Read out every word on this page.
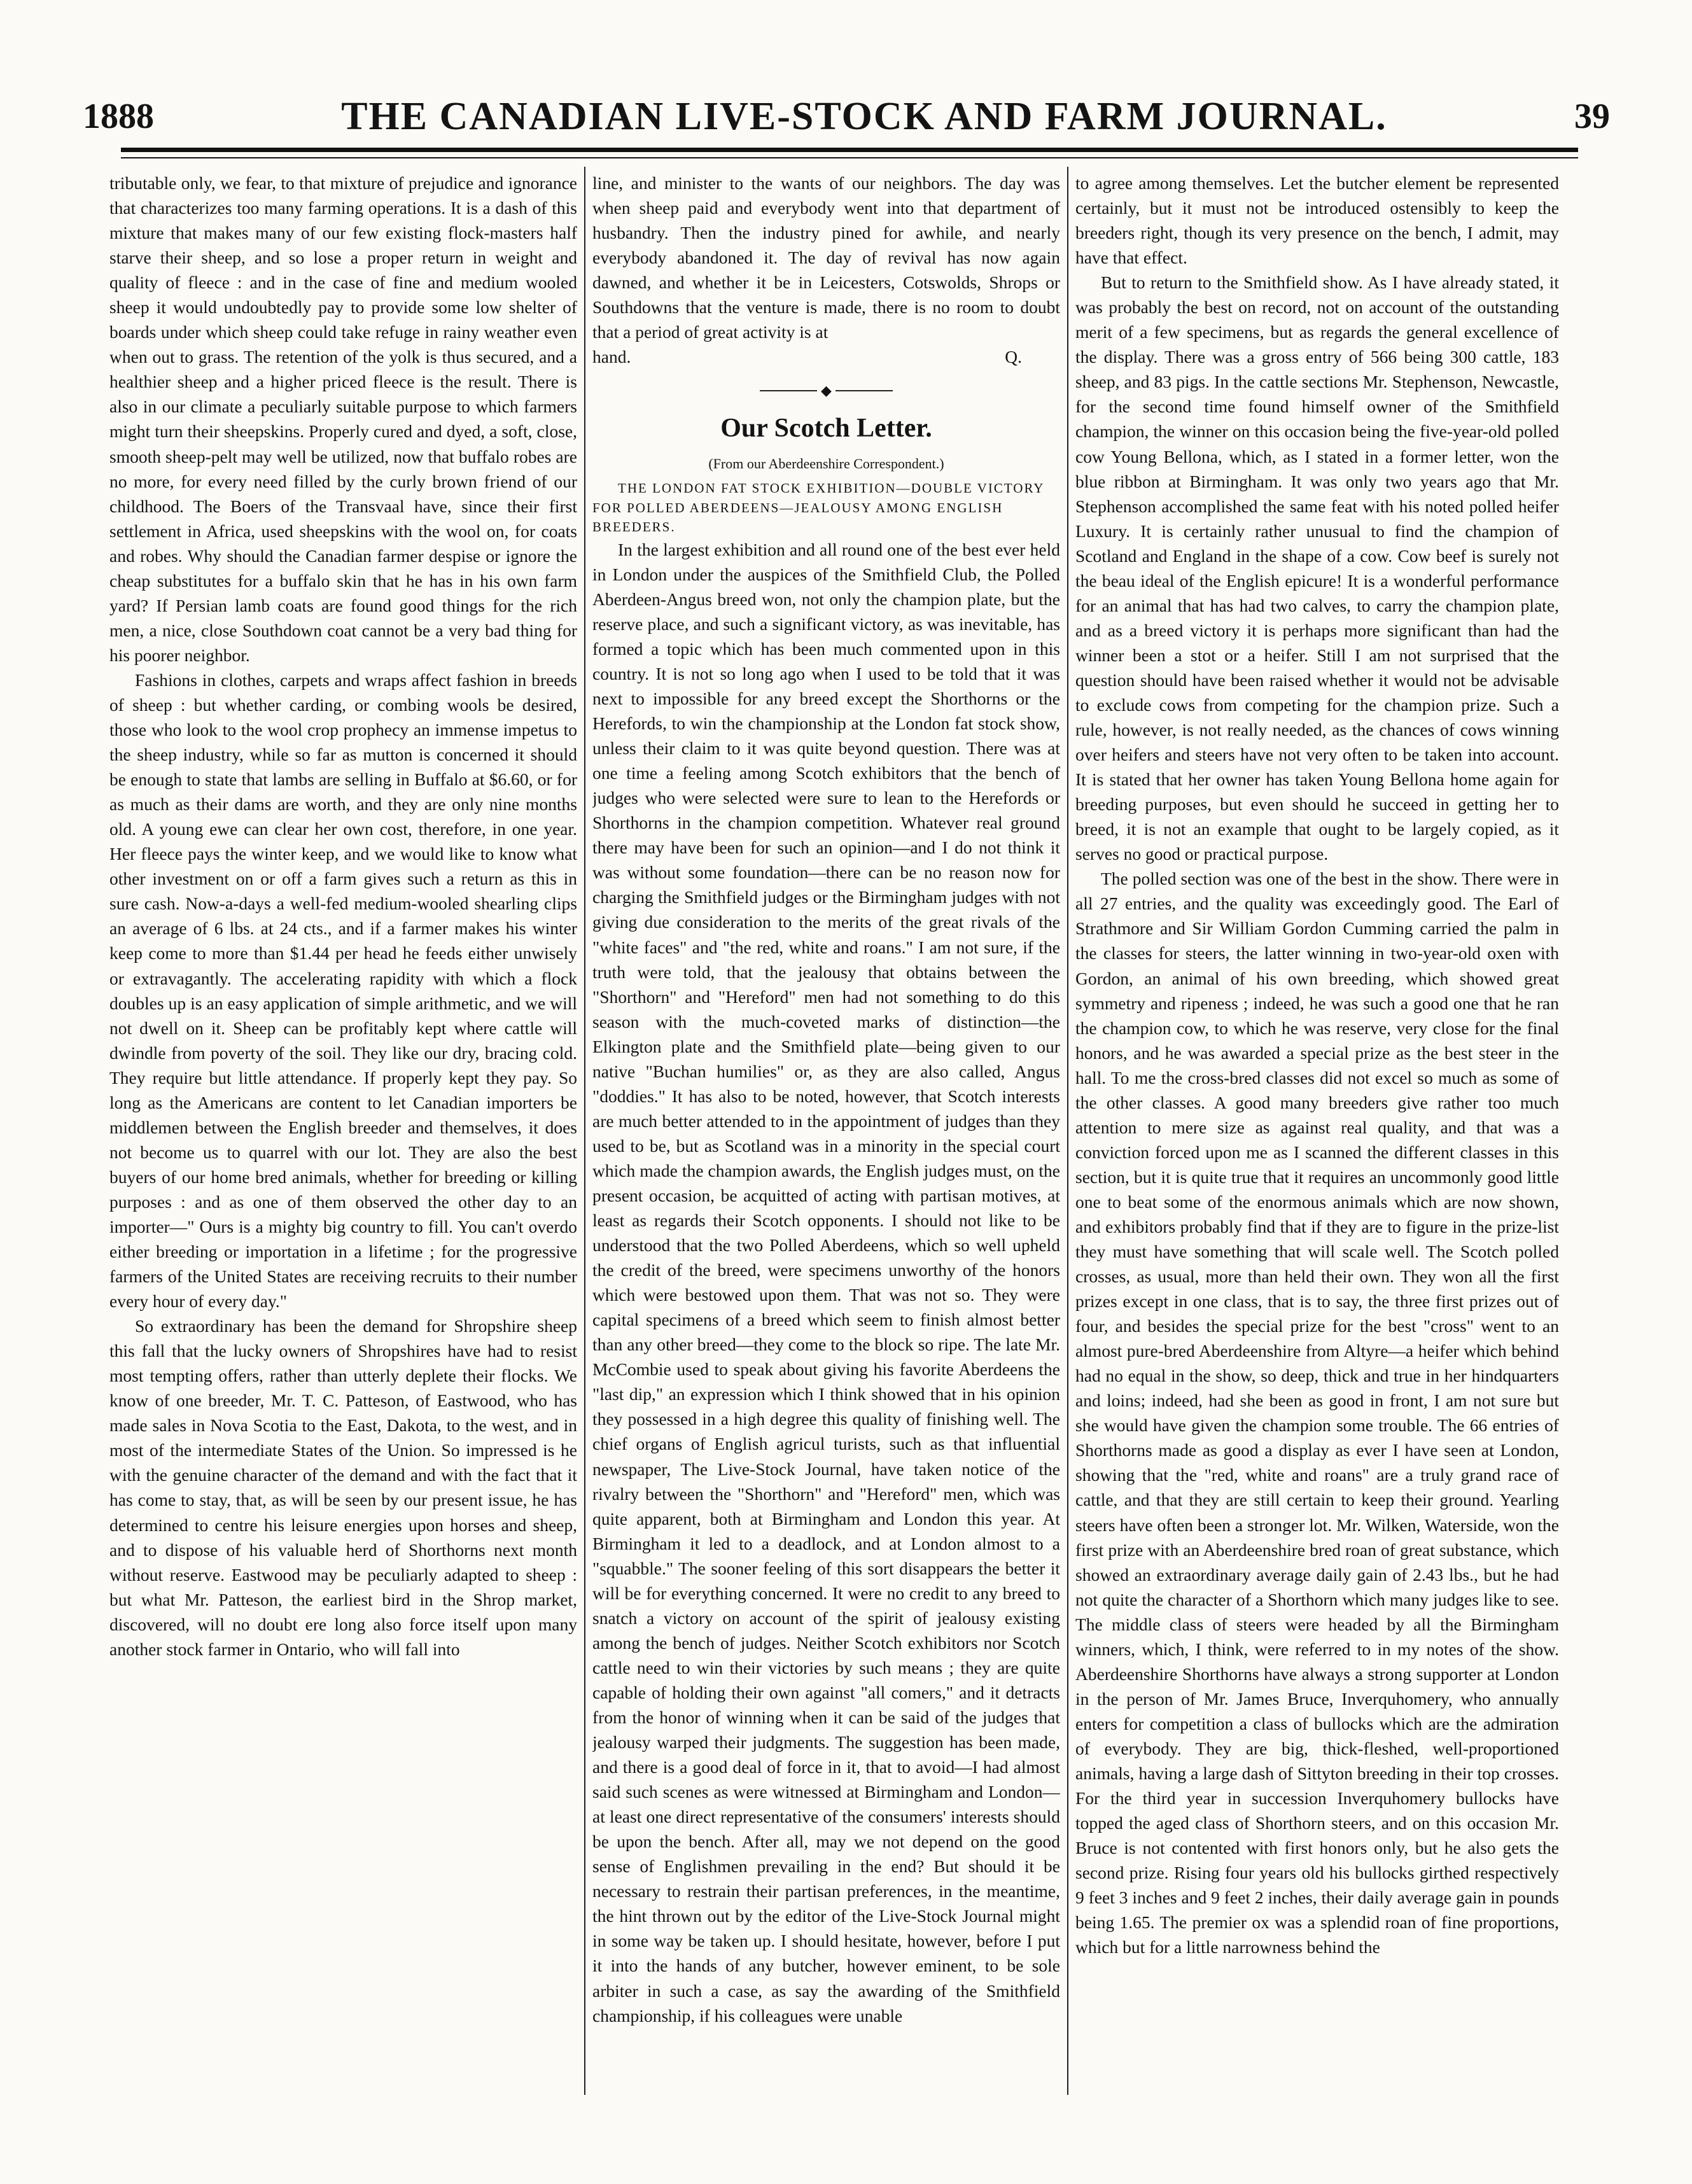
1888	THE CANADIAN LIVE-STOCK AND FARM JOURNAL.	39

tributable only, we fear, to that mixture of prejudice and ignorance that characterizes too many farming operations. It is a dash of this mixture that makes many of our few existing flock-masters half starve their sheep, and so lose a proper return in weight and quality of fleece : and in the case of fine and medium wooled sheep it would undoubtedly pay to provide some low shelter of boards under which sheep could take refuge in rainy weather even when out to grass. The retention of the yolk is thus secured, and a healthier sheep and a higher priced fleece is the result. There is also in our climate a peculiarly suitable purpose to which farmers might turn their sheepskins. Properly cured and dyed, a soft, close, smooth sheep-pelt may well be utilized, now that buffalo robes are no more, for every need filled by the curly brown friend of our childhood. The Boers of the Transvaal have, since their first settlement in Africa, used sheepskins with the wool on, for coats and robes. Why should the Canadian farmer despise or ignore the cheap substitutes for a buffalo skin that he has in his own farm yard? If Persian lamb coats are found good things for the rich men, a nice, close Southdown coat cannot be a very bad thing for his poorer neighbor.

Fashions in clothes, carpets and wraps affect fashion in breeds of sheep : but whether carding, or combing wools be desired, those who look to the wool crop prophecy an immense impetus to the sheep industry, while so far as mutton is concerned it should be enough to state that lambs are selling in Buffalo at $6.60, or for as much as their dams are worth, and they are only nine months old. A young ewe can clear her own cost, therefore, in one year. Her fleece pays the winter keep, and we would like to know what other investment on or off a farm gives such a return as this in sure cash. Now-a-days a well-fed medium-wooled shearling clips an average of 6 lbs. at 24 cts., and if a farmer makes his winter keep come to more than $1.44 per head he feeds either unwisely or extravagantly. The accelerating rapidity with which a flock doubles up is an easy application of simple arithmetic, and we will not dwell on it. Sheep can be profitably kept where cattle will dwindle from poverty of the soil. They like our dry, bracing cold. They require but little attendance. If properly kept they pay. So long as the Americans are content to let Canadian importers be middlemen between the English breeder and themselves, it does not become us to quarrel with our lot. They are also the best buyers of our home bred animals, whether for breeding or killing purposes : and as one of them observed the other day to an importer—" Ours is a mighty big country to fill. You can't overdo either breeding or importation in a lifetime ; for the progressive farmers of the United States are receiving recruits to their number every hour of every day."

So extraordinary has been the demand for Shropshire sheep this fall that the lucky owners of Shropshires have had to resist most tempting offers, rather than utterly deplete their flocks. We know of one breeder, Mr. T. C. Patteson, of Eastwood, who has made sales in Nova Scotia to the East, Dakota, to the west, and in most of the intermediate States of the Union. So impressed is he with the genuine character of the demand and with the fact that it has come to stay, that, as will be seen by our present issue, he has determined to centre his leisure energies upon horses and sheep, and to dispose of his valuable herd of Shorthorns next month without reserve. Eastwood may be peculiarly adapted to sheep : but what Mr. Patteson, the earliest bird in the Shrop market, discovered, will no doubt ere long also force itself upon many another stock farmer in Ontario, who will fall into

line, and minister to the wants of our neighbors. The day was when sheep paid and everybody went into that department of husbandry. Then the industry pined for awhile, and nearly everybody abandoned it. The day of revival has now again dawned, and whether it be in Leicesters, Cotswolds, Shrops or Southdowns that the venture is made, there is no room to doubt that a period of great activity is at

hand.	Q.
◆
Our Scotch Letter.
(From our Aberdeenshire Correspondent.)

THE LONDON FAT STOCK EXHIBITION—DOUBLE VICTORY FOR POLLED ABERDEENS—JEALOUSY AMONG ENGLISH BREEDERS.

In the largest exhibition and all round one of the best ever held in London under the auspices of the Smithfield Club, the Polled Aberdeen-Angus breed won, not only the champion plate, but the reserve place, and such a significant victory, as was inevitable, has formed a topic which has been much commented upon in this country. It is not so long ago when I used to be told that it was next to impossible for any breed except the Shorthorns or the Herefords, to win the championship at the London fat stock show, unless their claim to it was quite beyond question. There was at one time a feeling among Scotch exhibitors that the bench of judges who were selected were sure to lean to the Herefords or Shorthorns in the champion competition. Whatever real ground there may have been for such an opinion—and I do not think it was without some foundation—there can be no reason now for charging the Smithfield judges or the Birmingham judges with not giving due consideration to the merits of the great rivals of the "white faces" and "the red, white and roans." I am not sure, if the truth were told, that the jealousy that obtains between the "Shorthorn" and "Hereford" men had not something to do this season with the much-coveted marks of distinction—the Elkington plate and the Smithfield plate—being given to our native "Buchan humilies" or, as they are also called, Angus "doddies." It has also to be noted, however, that Scotch interests are much better attended to in the appointment of judges than they used to be, but as Scotland was in a minority in the special court which made the champion awards, the English judges must, on the present occasion, be acquitted of acting with partisan motives, at least as regards their Scotch opponents. I should not like to be understood that the two Polled Aberdeens, which so well upheld the credit of the breed, were specimens unworthy of the honors which were bestowed upon them. That was not so. They were capital specimens of a breed which seem to finish almost better than any other breed—they come to the block so ripe. The late Mr. McCombie used to speak about giving his favorite Aberdeens the "last dip," an expression which I think showed that in his opinion they possessed in a high degree this quality of finishing well. The chief organs of English agricul turists, such as that influential newspaper, The Live-Stock Journal, have taken notice of the rivalry between the "Shorthorn" and "Hereford" men, which was quite apparent, both at Birmingham and London this year. At Birmingham it led to a deadlock, and at London almost to a "squabble." The sooner feeling of this sort disappears the better it will be for everything concerned. It were no credit to any breed to snatch a victory on account of the spirit of jealousy existing among the bench of judges. Neither Scotch exhibitors nor Scotch cattle need to win their victories by such means ; they are quite capable of holding their own against "all comers," and it detracts from the honor of winning when it can be said of the judges that jealousy warped their judgments. The suggestion has been made, and there is a good deal of force in it, that to avoid—I had almost said such scenes as were witnessed at Birmingham and London—at least one direct representative of the consumers' interests should be upon the bench. After all, may we not depend on the good sense of Englishmen prevailing in the end? But should it be necessary to restrain their partisan preferences, in the meantime, the hint thrown out by the editor of the Live-Stock Journal might in some way be taken up. I should hesitate, however, before I put it into the hands of any butcher, however eminent, to be sole arbiter in such a case, as say the awarding of the Smithfield championship, if his colleagues were unable

to agree among themselves. Let the butcher element be represented certainly, but it must not be introduced ostensibly to keep the breeders right, though its very presence on the bench, I admit, may have that effect.

But to return to the Smithfield show. As I have already stated, it was probably the best on record, not on account of the outstanding merit of a few specimens, but as regards the general excellence of the display. There was a gross entry of 566 being 300 cattle, 183 sheep, and 83 pigs. In the cattle sections Mr. Stephenson, Newcastle, for the second time found himself owner of the Smithfield champion, the winner on this occasion being the five-year-old polled cow Young Bellona, which, as I stated in a former letter, won the blue ribbon at Birmingham. It was only two years ago that Mr. Stephenson accomplished the same feat with his noted polled heifer Luxury. It is certainly rather unusual to find the champion of Scotland and England in the shape of a cow. Cow beef is surely not the beau ideal of the English epicure! It is a wonderful performance for an animal that has had two calves, to carry the champion plate, and as a breed victory it is perhaps more significant than had the winner been a stot or a heifer. Still I am not surprised that the question should have been raised whether it would not be advisable to exclude cows from competing for the champion prize. Such a rule, however, is not really needed, as the chances of cows winning over heifers and steers have not very often to be taken into account. It is stated that her owner has taken Young Bellona home again for breeding purposes, but even should he succeed in getting her to breed, it is not an example that ought to be largely copied, as it serves no good or practical purpose.

The polled section was one of the best in the show. There were in all 27 entries, and the quality was exceedingly good. The Earl of Strathmore and Sir William Gordon Cumming carried the palm in the classes for steers, the latter winning in two-year-old oxen with Gordon, an animal of his own breeding, which showed great symmetry and ripeness ; indeed, he was such a good one that he ran the champion cow, to which he was reserve, very close for the final honors, and he was awarded a special prize as the best steer in the hall. To me the cross-bred classes did not excel so much as some of the other classes. A good many breeders give rather too much attention to mere size as against real quality, and that was a conviction forced upon me as I scanned the different classes in this section, but it is quite true that it requires an uncommonly good little one to beat some of the enormous animals which are now shown, and exhibitors probably find that if they are to figure in the prize-list they must have something that will scale well. The Scotch polled crosses, as usual, more than held their own. They won all the first prizes except in one class, that is to say, the three first prizes out of four, and besides the special prize for the best "cross" went to an almost pure-bred Aberdeenshire from Altyre—a heifer which behind had no equal in the show, so deep, thick and true in her hindquarters and loins; indeed, had she been as good in front, I am not sure but she would have given the champion some trouble. The 66 entries of Shorthorns made as good a display as ever I have seen at London, showing that the "red, white and roans" are a truly grand race of cattle, and that they are still certain to keep their ground. Yearling steers have often been a stronger lot. Mr. Wilken, Waterside, won the first prize with an Aberdeenshire bred roan of great substance, which showed an extraordinary average daily gain of 2.43 lbs., but he had not quite the character of a Shorthorn which many judges like to see. The middle class of steers were headed by all the Birmingham winners, which, I think, were referred to in my notes of the show. Aberdeenshire Shorthorns have always a strong supporter at London in the person of Mr. James Bruce, Inverquhomery, who annually enters for competition a class of bullocks which are the admiration of everybody. They are big, thick-fleshed, well-proportioned animals, having a large dash of Sittyton breeding in their top crosses. For the third year in succession Inverquhomery bullocks have topped the aged class of Shorthorn steers, and on this occasion Mr. Bruce is not contented with first honors only, but he also gets the second prize. Rising four years old his bullocks girthed respectively 9 feet 3 inches and 9 feet 2 inches, their daily average gain in pounds being 1.65. The premier ox was a splendid roan of fine proportions, which but for a little narrowness behind the
